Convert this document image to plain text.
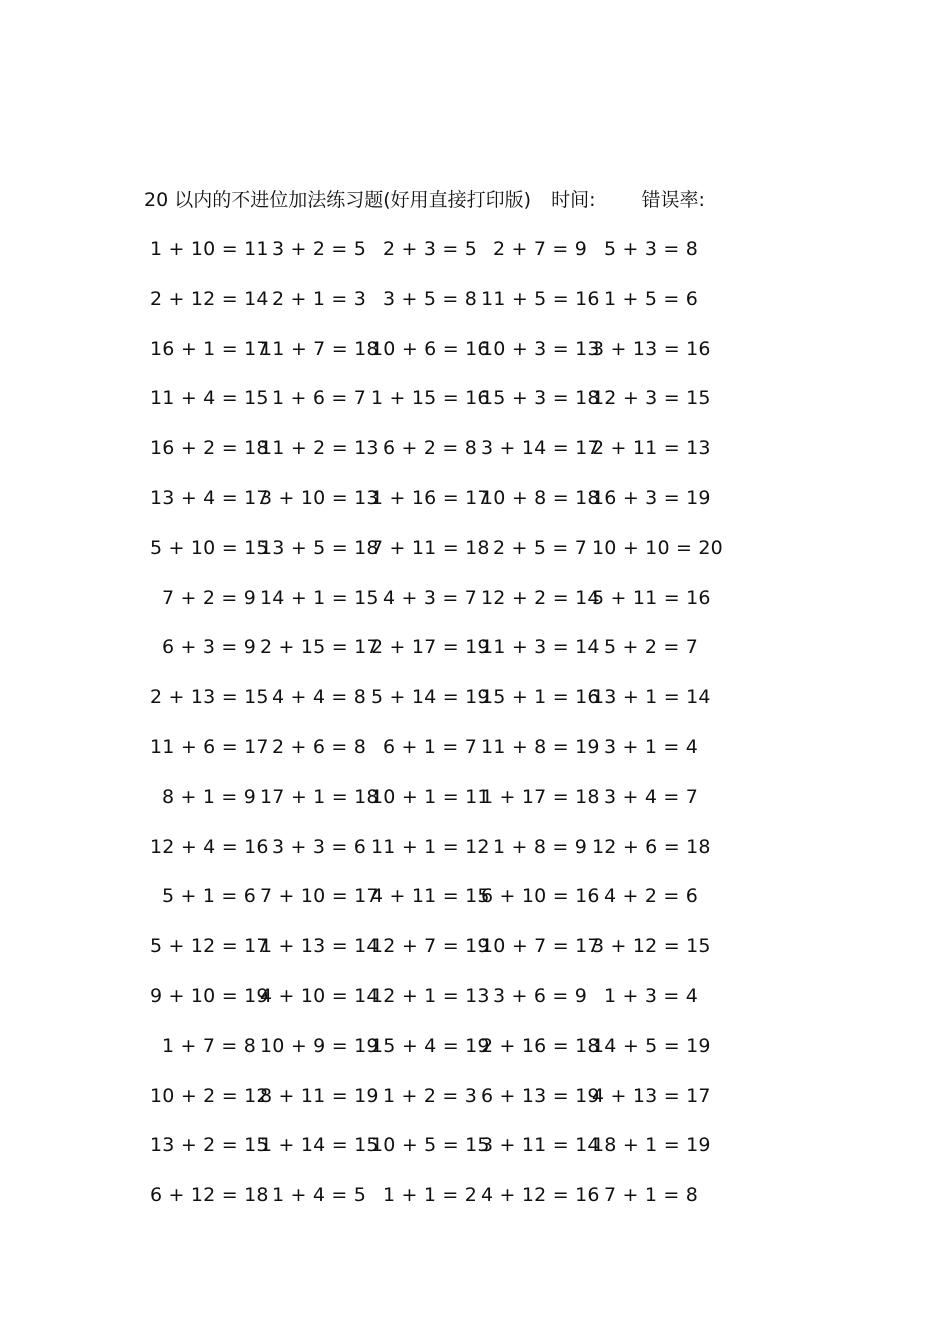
20 以内的不进位加法练习题(好用直接打印版) 时间: 错误率:
1 + 10 = 11 3 + 2 = 5 2 + 3 = 5 2 + 7 = 9 5 + 3 = 8
2 + 12 = 14 2 + 1 = 3 3 + 5 = 8 11 + 5 = 16 1 + 5 = 6
16 + 1 = 17
11 + 7 = 18
10 + 6 = 16
10 + 3 = 13
3 + 13 = 16
11 + 4 = 15 1 + 6 = 7 1 + 15 = 16
15 + 3 = 18
12 + 3 = 15
16 + 2 = 18
11 + 2 = 13 6 + 2 = 8 3 + 14 = 17
2 + 11 = 13
13 + 4 = 17
3 + 10 = 13
1 + 16 = 17
10 + 8 = 18
16 + 3 = 19
5 + 10 = 15
13 + 5 = 18
7 + 11 = 18 2 + 5 = 7 10 + 10 = 20
7 + 2 = 9 14 + 1 = 15 4 + 3 = 7 12 + 2 = 14
5 + 11 = 16
6 + 3 = 9 2 + 15 = 17
2 + 17 = 19
11 + 3 = 14 5 + 2 = 7
2 + 13 = 15 4 + 4 = 8 5 + 14 = 19
15 + 1 = 16
13 + 1 = 14
11 + 6 = 17 2 + 6 = 8 6 + 1 = 7 11 + 8 = 19 3 + 1 = 4
8 + 1 = 9 17 + 1 = 18
10 + 1 = 11
1 + 17 = 18 3 + 4 = 7
12 + 4 = 16 3 + 3 = 6 11 + 1 = 12 1 + 8 = 9 12 + 6 = 18
5 + 1 = 6 7 + 10 = 17
4 + 11 = 15
6 + 10 = 16 4 + 2 = 6
5 + 12 = 17
1 + 13 = 14
12 + 7 = 19
10 + 7 = 17
3 + 12 = 15
9 + 10 = 19
4 + 10 = 14
12 + 1 = 13 3 + 6 = 9 1 + 3 = 4
1 + 7 = 8 10 + 9 = 19
15 + 4 = 19
2 + 16 = 18
14 + 5 = 19
10 + 2 = 12
8 + 11 = 19 1 + 2 = 3 6 + 13 = 19
4 + 13 = 17
13 + 2 = 15
1 + 14 = 15
10 + 5 = 15
3 + 11 = 14
18 + 1 = 19
6 + 12 = 18 1 + 4 = 5 1 + 1 = 2 4 + 12 = 16 7 + 1 = 8
